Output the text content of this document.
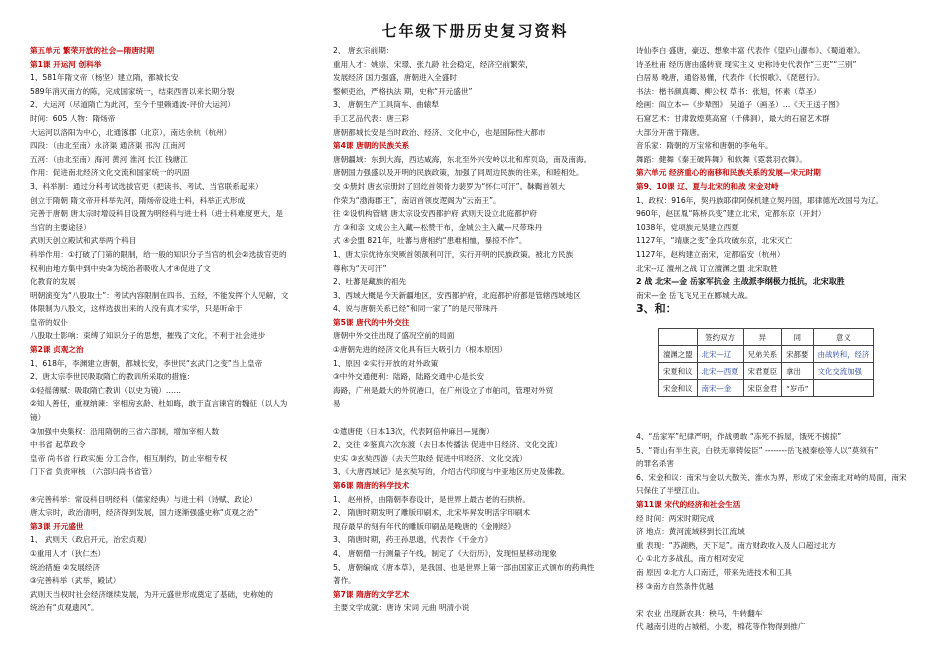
七年级下册历史复习资料
第五单元 繁荣开放的社会—隋唐时期
第1课 开运河 创科举
1、581年隋文帝（杨坚）建立隋，都城长安
589年消灭南方的陈，完成国家统一，结束西晋以来长期分裂
2、大运河（尽道隋亡为此河，至今千里赖通波-评价大运河）
时间：605 人物：隋炀帝
大运河以洛阳为中心，北通涿郡（北京），南达余杭（杭州）
四段：（由北至南）永济渠 通济渠 邗沟 江南河
五河：（由北至南）海河 黄河 淮河 长江 钱塘江
作用：促进南北经济文化交流和国家统一的巩固
3、科举制：通过分科考试选拔官吏（把读书、考试、当官联系起来）
创立于隋朝 隋文帝开科举先河，隋炀帝设进士科，科举正式形成
完善于唐朝 唐太宗时增设科目设置为明经科与进士科（进士科难度更大，是
当官的主要途径）
武则天创立殿试和武举两个科目
科举作用：①打破了门第的限制，给一般的知识分子当官的机会②选拔官吏的
权利由地方集中到中央③为统治者吸收人才④促进了文
化教育的发展
明朝演变为“八股取士”：考试内容限制在四书、五经，不能发挥个人见解，文
体限制为八股文，这样选拔出来的人没有真才实学，只是听命于
皇帝的奴仆
八股取士影响：束缚了知识分子的思想，摧残了文化，不利于社会进步
第2课 贞观之治
1、618年，李渊建立唐朝，都城长安，李世民“玄武门之变”当上皇帝
2、唐太宗李世民吸取隋亡的教训所采取的措施：
①轻徭薄赋：吸取隋亡教训（以史为镜）……
②知人善任，重视纳谏：宰相房玄龄、杜如晦，敢于直言谏官的魏征（以人为
镜）
③加强中央集权：沿用隋朝的三省六部制，增加宰相人数
中书省 起草政令
皇帝 尚书省 行政实施 分工合作，相互制约，防止宰相专权
门下省 负责审核 （六部归尚书省管）

④完善科举：常设科目明经科（儒家经典）与进士科（诗赋、政论）
唐太宗时，政治清明，经济得到发展，国力逐渐强盛史称“贞观之治”
第3课 开元盛世
1、 武则天（政启开元，治宏贞观）
①重用人才（狄仁杰）
统治措施 ②发展经济
③完善科举（武举，殿试）
武则天当权时社会经济继续发展，为开元盛世形成奠定了基础，史称她的
统治有“贞观遗风”。
2、 唐玄宗前期：
重用人才：姚崇、宋璟、张九龄 社会稳定，经济空前繁荣，
发展经济 国力强盛，唐朝进入全盛时
整顿吏治，严格执法 期，史称“开元盛世”
3、 唐朝生产工具筒车、曲辕犁
手工艺品代表：唐三彩
唐朝都城长安是当时政治、经济、文化中心，也是国际性大都市
第4课 唐朝的民族关系
唐朝疆域：东到大海，西达咸海，东北至外兴安岭以北和库页岛，南及南海。
唐朝国力强盛以及开明的民族政策，加强了同周边民族的往来，和睦相处。
交 ①册封 唐玄宗册封了回纥首领骨力裴罗为“怀仁可汗”。靺鞨首领大
作荣为“渤海郡王”，南诏首领皮逻阁为“云南王”。
往 ②设机构管辖 唐太宗设安西都护府 武则天设立北庭都护府
方 ③和亲 文成公主入藏—松赞干布，金城公主入藏—尺带珠丹
式 ④会盟 821年，吐蕃与唐相约“患难相恤，暴掠不作”。
1、唐太宗优待东突厥首领颉利可汗，实行开明的民族政策。被北方民族
尊称为“天可汗”
2、吐蕃是藏族的祖先
3、西域大概是今天新疆地区，安西都护府，北庭都护府都是管辖西域地区
4、说与唐朝关系已经“和同一家了”的是尺带珠丹
第5课 唐代的中外交往
唐朝中外交往出现了盛况空前的局面
①唐朝先进的经济文化具有巨大吸引力（根本原因）
1、原因 ②实行开放的对外政策
③中外交通便利：陆路，陆路交通中心是长安
海路，广州是最大的外贸港口，在广州设立了市舶司，管理对外贸
易

①遣唐使（日本13次，代表阿倍仲麻吕—晁衡）
2、交往 ②鉴真六次东渡（去日本传播法 促进中日经济、文化交流）
史实 ③玄奘西游（去天竺取经 促进中印经济、文化交流）
3、《大唐西域记》是玄奘写的，介绍古代印度与中亚地区历史及佛教。
第6课 隋唐的科学技术
1、 赵州桥，由隋朝李春设计，是世界上最古老的石拱桥。
2、 隋唐时期发明了雕版印刷术，北宋毕昇发明活字印刷术
现存最早的刻有年代的雕版印刷品是晚唐的《金刚经》
3、 隋唐时期，药王孙思邈，代表作《千金方》
4、 唐朝僧一行测量子午线，制定了《大衍历》，发现恒星移动现象
5、 唐朝编成《唐本草》，是我国、也是世界上第一部由国家正式颁布的药典性
著作。
第7课 隋唐的文学艺术
主要文学成就：唐诗 宋词 元曲 明清小说
诗仙李白 盛唐，豪迈、想象丰富 代表作《望庐山瀑布》、《蜀道难》。
诗圣杜甫 经历唐由盛转衰 现实主义 史称诗史代表作“三吏”“三别”
白居易 晚唐，通俗易懂，代表作《长恨歌》、《琵琶行》。
书法：楷书颜真卿、柳公权 草书：张旭，怀素（草圣）
绘画：阎立本—《步辇图》 吴道子（画圣）…《天王送子图》
石窟艺术：甘肃敦煌莫高窟（千佛洞），最大的石窟艺术群
大部分开凿于隋唐。
音乐家：隋朝的万宝常和唐朝的李龟年。
舞蹈：健舞《秦王破阵舞》和软舞《霓裳羽衣舞》。
第六单元 经济重心的南移和民族关系的发展—宋元时期
第9、10课 辽、夏与北宋的和战 宋金对峙
1、政权：916年，契丹族耶律阿保机建立契丹国，耶律德光改国号为辽。
960年，赵匡胤“陈桥兵变”建立北宋，定都东京（开封）
1038年，党项族元昊建立西夏
1127年，“靖康之变”金兵攻破东京，北宋灭亡
1127年，赵构建立南宋，定都临安（杭州）
北宋--辽 澶州之战 订立澶渊之盟 北宋取胜
2 战 北宋—金 岳家军抗金 主战派李纲极力抵抗，北宋取胜
南宋—金 岳飞飞兄王在郾城大战。
3、和：
	签约双方	异	同	意义
澶渊之盟	北宋—辽	兄弟关系	宋都要	由战转和，经济
宋夏和议	北宋—西夏	宋君夏臣	拿出	文化交流加强
宋金和议	南宋—金	宋臣金君	“岁币”	
4、“岳家军”纪律严明，作战勇敢 “冻死不拆屋，饿死不掳掠”
5、“胥山有半生哀，白铁无辜铸佞臣” --------岳飞被秦桧等人以“莫须有”
的罪名杀害
6、宋金和议：南宋与金以大散关、淮水为界，形成了宋金南北对峙的局面，南宋
只保住了半壁江山。
第11课 宋代的经济和社会生活
经 时间：两宋时期完成
济 地点：黄河流域移到长江流域
重 表现：“苏湖熟，天下足”。南方财政收入及人口超过北方
心 ①北方多战乱，南方相对安定
南 原因 ②北方人口南迁，带来先进技术和工具
移 ③南方自然条件优越

宋 农业 出现新农具：秧马，牛转翻车
代 越南引进的占城稻，小麦，棉花等作物得到推广
